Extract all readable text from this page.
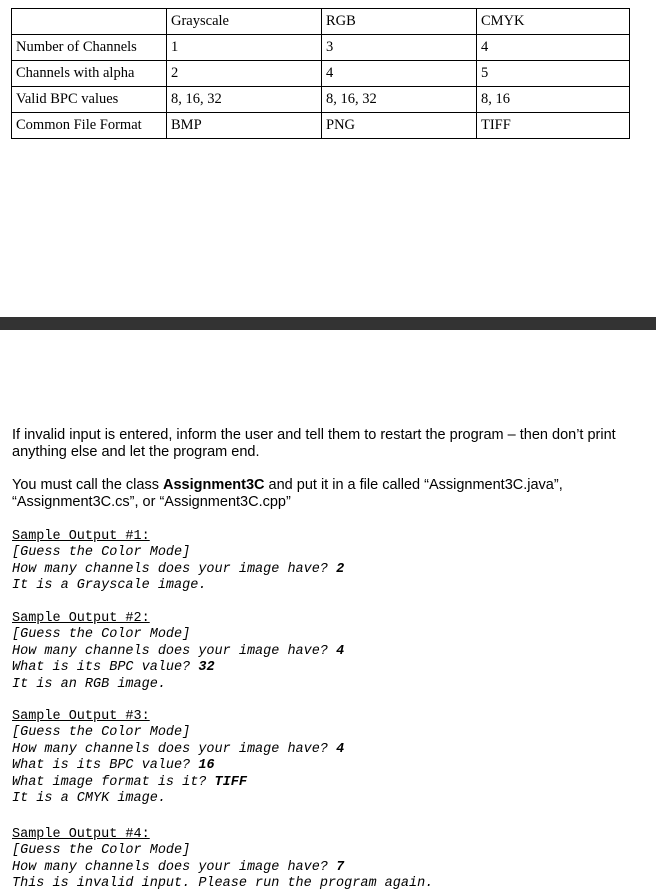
	Grayscale	RGB	CMYK
Number of Channels	1	3	4
Channels with alpha	2	4	5
Valid BPC values	8, 16, 32	8, 16, 32	8, 16
Common File Format	BMP	PNG	TIFF

If invalid input is entered, inform the user and tell them to restart the program – then don’t print anything else and let the program end.

You must call the class Assignment3C and put it in a file called “Assignment3C.java”, “Assignment3C.cs”, or “Assignment3C.cpp”

Sample Output #1:
[Guess the Color Mode]
How many channels does your image have? 2
It is a Grayscale image.
Sample Output #2:
[Guess the Color Mode]
How many channels does your image have? 4
What is its BPC value? 32
It is an RGB image.
Sample Output #3:
[Guess the Color Mode]
How many channels does your image have? 4
What is its BPC value? 16
What image format is it? TIFF
It is a CMYK image.
Sample Output #4:
[Guess the Color Mode]
How many channels does your image have? 7
This is invalid input. Please run the program again.
